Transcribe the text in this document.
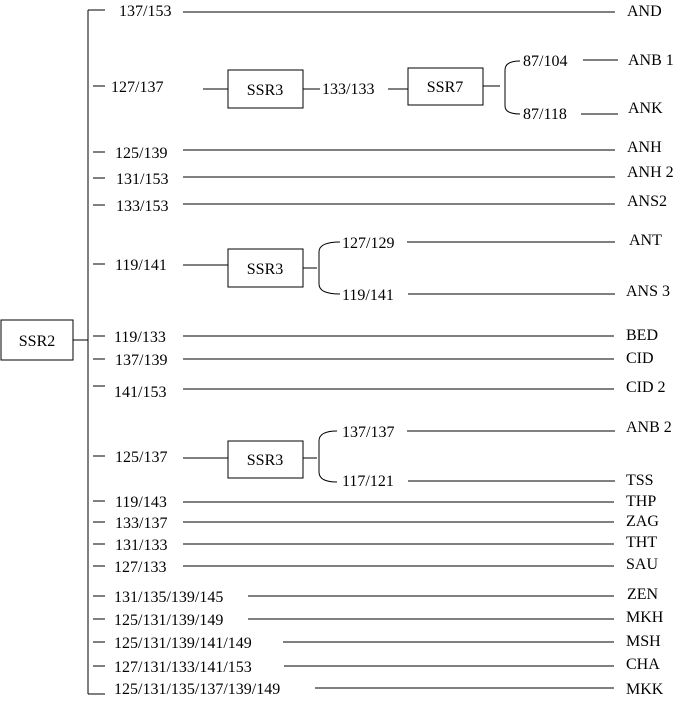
SSR2
137/153	AND
127/137	SSR3 133/133	SSR7
87/104	ANB 1
87/118	ANK
125/139	ANH
131/153	ANH 2
133/153	ANS2
119/141	SSR3
127/129	ANT
119/141	ANS 3
119/133	BED
137/139	CID
141/153	CID 2
125/137	SSR3
137/137	ANB 2
117/121	TSS
119/143	THP
133/137	ZAG
131/133	THT
127/133	SAU
131/135/139/145	ZEN
125/131/139/149	MKH
125/131/139/141/149	MSH
127/131/133/141/153	CHA
125/131/135/137/139/149	MKK
